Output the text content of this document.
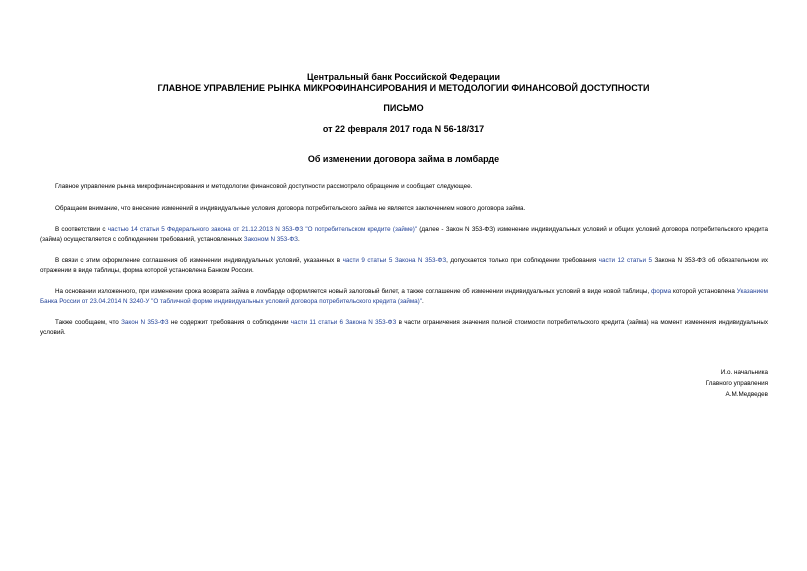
Центральный банк Российской Федерации
ГЛАВНОЕ УПРАВЛЕНИЕ РЫНКА МИКРОФИНАНСИРОВАНИЯ И МЕТОДОЛОГИИ ФИНАНСОВОЙ ДОСТУПНОСТИ
ПИСЬМО
от 22 февраля 2017 года N 56-18/317
Об изменении договора займа в ломбарде
Главное управление рынка микрофинансирования и методологии финансовой доступности рассмотрело обращение и сообщает следующее.
Обращаем внимание, что внесение изменений в индивидуальные условия договора потребительского займа не является заключением нового договора займа.
В соответствии с частью 14 статьи 5 Федерального закона от 21.12.2013 N 353-ФЗ "О потребительском кредите (займе)" (далее - Закон N 353-ФЗ) изменение индивидуальных условий и общих условий договора потребительского кредита (займа) осуществляется с соблюдением требований, установленных Законом N 353-ФЗ.
В связи с этим оформление соглашения об изменении индивидуальных условий, указанных в части 9 статьи 5 Закона N 353-ФЗ, допускается только при соблюдении требования части 12 статьи 5 Закона N 353-ФЗ об обязательном их отражении в виде таблицы, форма которой установлена Банком России.
На основании изложенного, при изменении срока возврата займа в ломбарде оформляется новый залоговый билет, а также соглашение об изменении индивидуальных условий в виде новой таблицы, форма которой установлена Указанием Банка России от 23.04.2014 N 3240-У "О табличной форме индивидуальных условий договора потребительского кредита (займа)".
Также сообщаем, что Закон N 353-ФЗ не содержит требования о соблюдении части 11 статьи 6 Закона N 353-ФЗ в части ограничения значения полной стоимости потребительского кредита (займа) на момент изменения индивидуальных условий.
И.о. начальника
Главного управления
А.М.Медведев
